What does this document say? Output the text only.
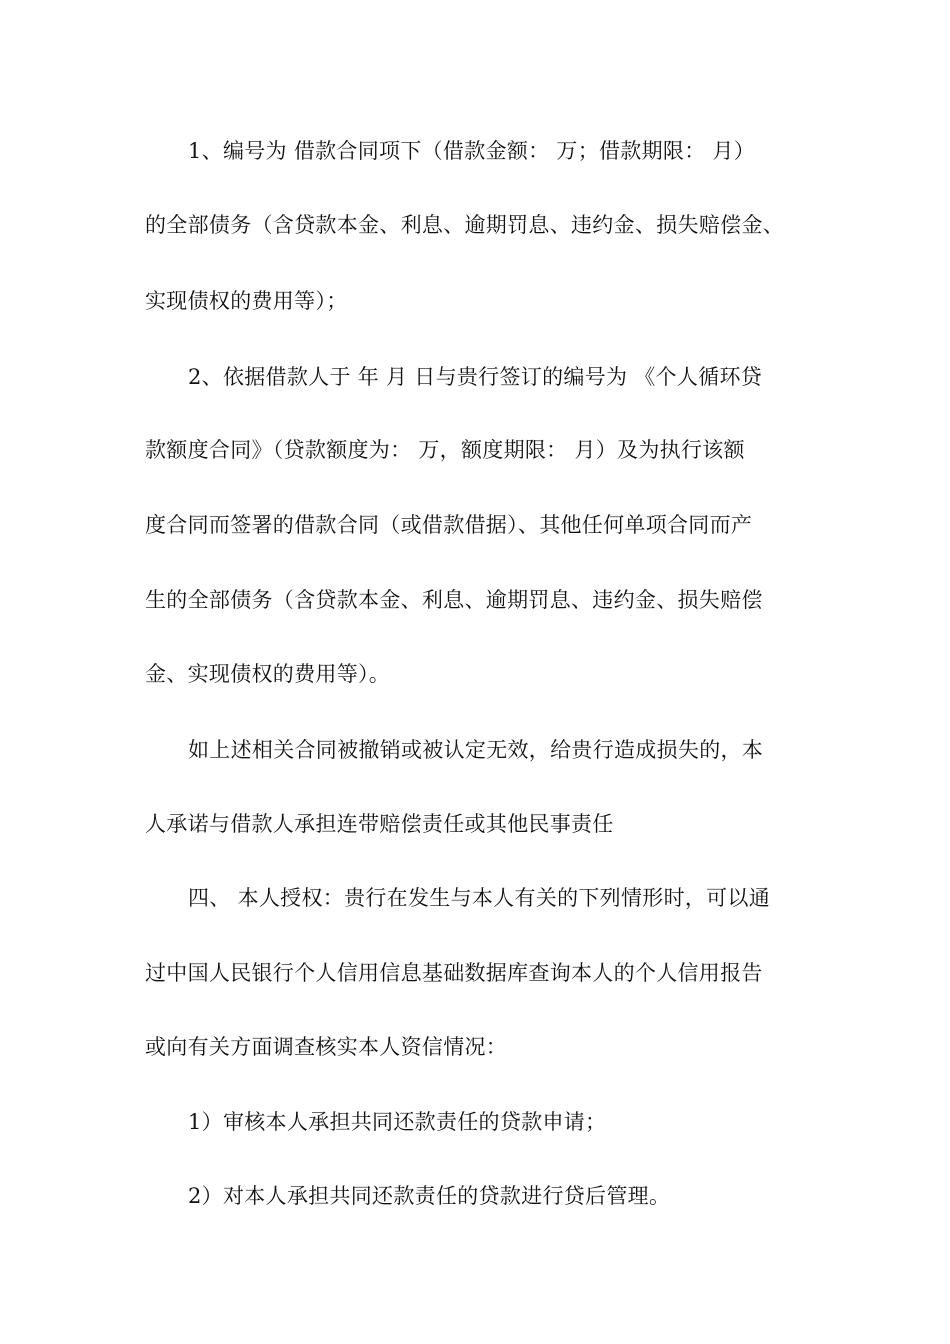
1、编号为 借款合同项下（借款金额： 万；借款期限： 月）
的全部债务（含贷款本金、利息、逾期罚息、违约金、损失赔偿金、
实现债权的费用等）；
2、依据借款人于 年 月 日与贵行签订的编号为 《个人循环贷
款额度合同》（贷款额度为： 万，额度期限： 月）及为执行该额
度合同而签署的借款合同（或借款借据）、其他任何单项合同而产
生的全部债务（含贷款本金、利息、逾期罚息、违约金、损失赔偿
金、实现债权的费用等）。
如上述相关合同被撤销或被认定无效，给贵行造成损失的，本
人承诺与借款人承担连带赔偿责任或其他民事责任
四、 本人授权：贵行在发生与本人有关的下列情形时，可以通
过中国人民银行个人信用信息基础数据库查询本人的个人信用报告
或向有关方面调查核实本人资信情况：
1）审核本人承担共同还款责任的贷款申请；
2）对本人承担共同还款责任的贷款进行贷后管理。
